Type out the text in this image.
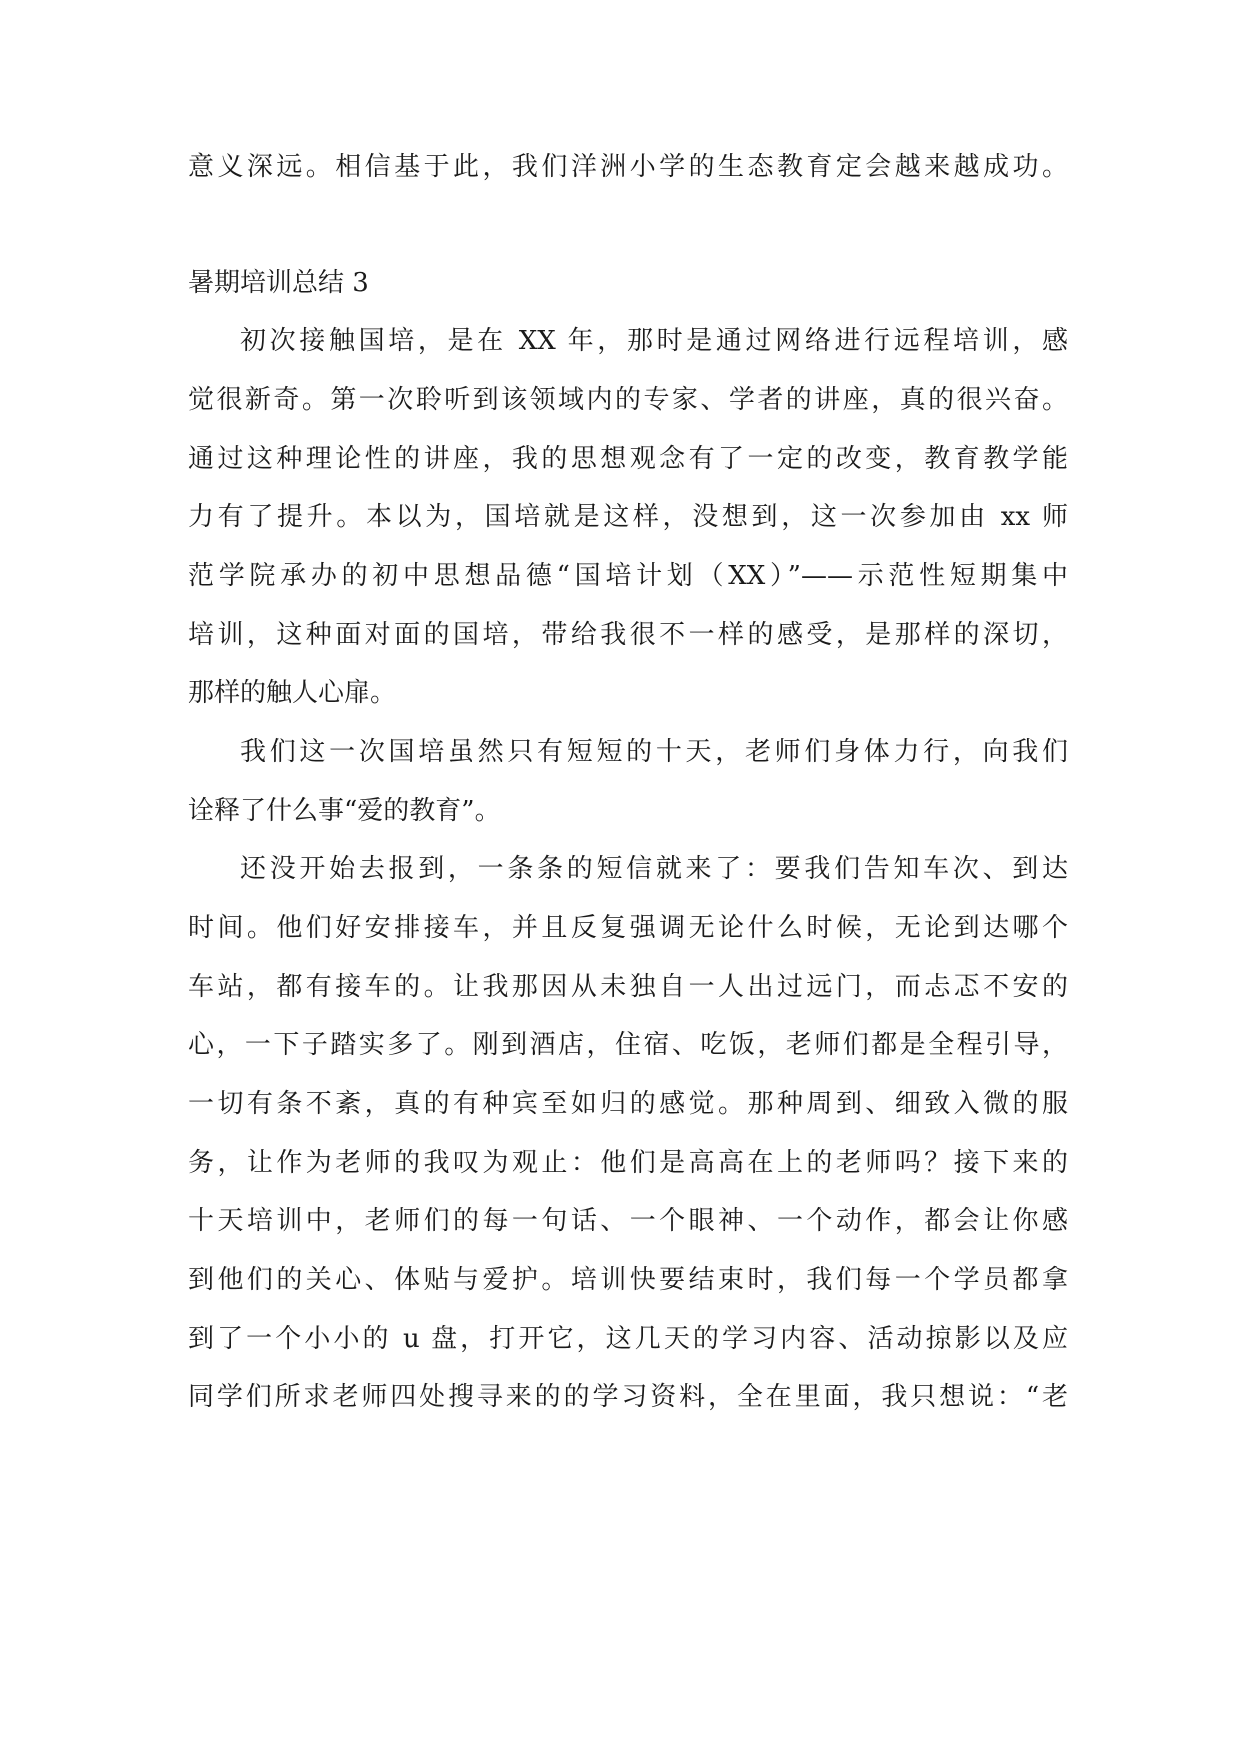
意义深远。相信基于此，我们洋洲小学的生态教育定会越来越成功。
暑期培训总结 3
初次接触国培，是在 XX 年，那时是通过网络进行远程培训，感
觉很新奇。第一次聆听到该领域内的专家、学者的讲座，真的很兴奋。
通过这种理论性的讲座，我的思想观念有了一定的改变，教育教学能
力有了提升。本以为，国培就是这样，没想到，这一次参加由 xx 师
范学院承办的初中思想品德“国培计划（XX）”——示范性短期集中
培训，这种面对面的国培，带给我很不一样的感受，是那样的深切，
那样的触人心扉。
我们这一次国培虽然只有短短的十天，老师们身体力行，向我们
诠释了什么事“爱的教育”。
还没开始去报到，一条条的短信就来了：要我们告知车次、到达
时间。他们好安排接车，并且反复强调无论什么时候，无论到达哪个
车站，都有接车的。让我那因从未独自一人出过远门，而忐忑不安的
心，一下子踏实多了。刚到酒店，住宿、吃饭，老师们都是全程引导，
一切有条不紊，真的有种宾至如归的感觉。那种周到、细致入微的服
务，让作为老师的我叹为观止：他们是高高在上的老师吗？接下来的
十天培训中，老师们的每一句话、一个眼神、一个动作，都会让你感
到他们的关心、体贴与爱护。培训快要结束时，我们每一个学员都拿
到了一个小小的 u 盘，打开它，这几天的学习内容、活动掠影以及应
同学们所求老师四处搜寻来的的学习资料，全在里面，我只想说：“老
